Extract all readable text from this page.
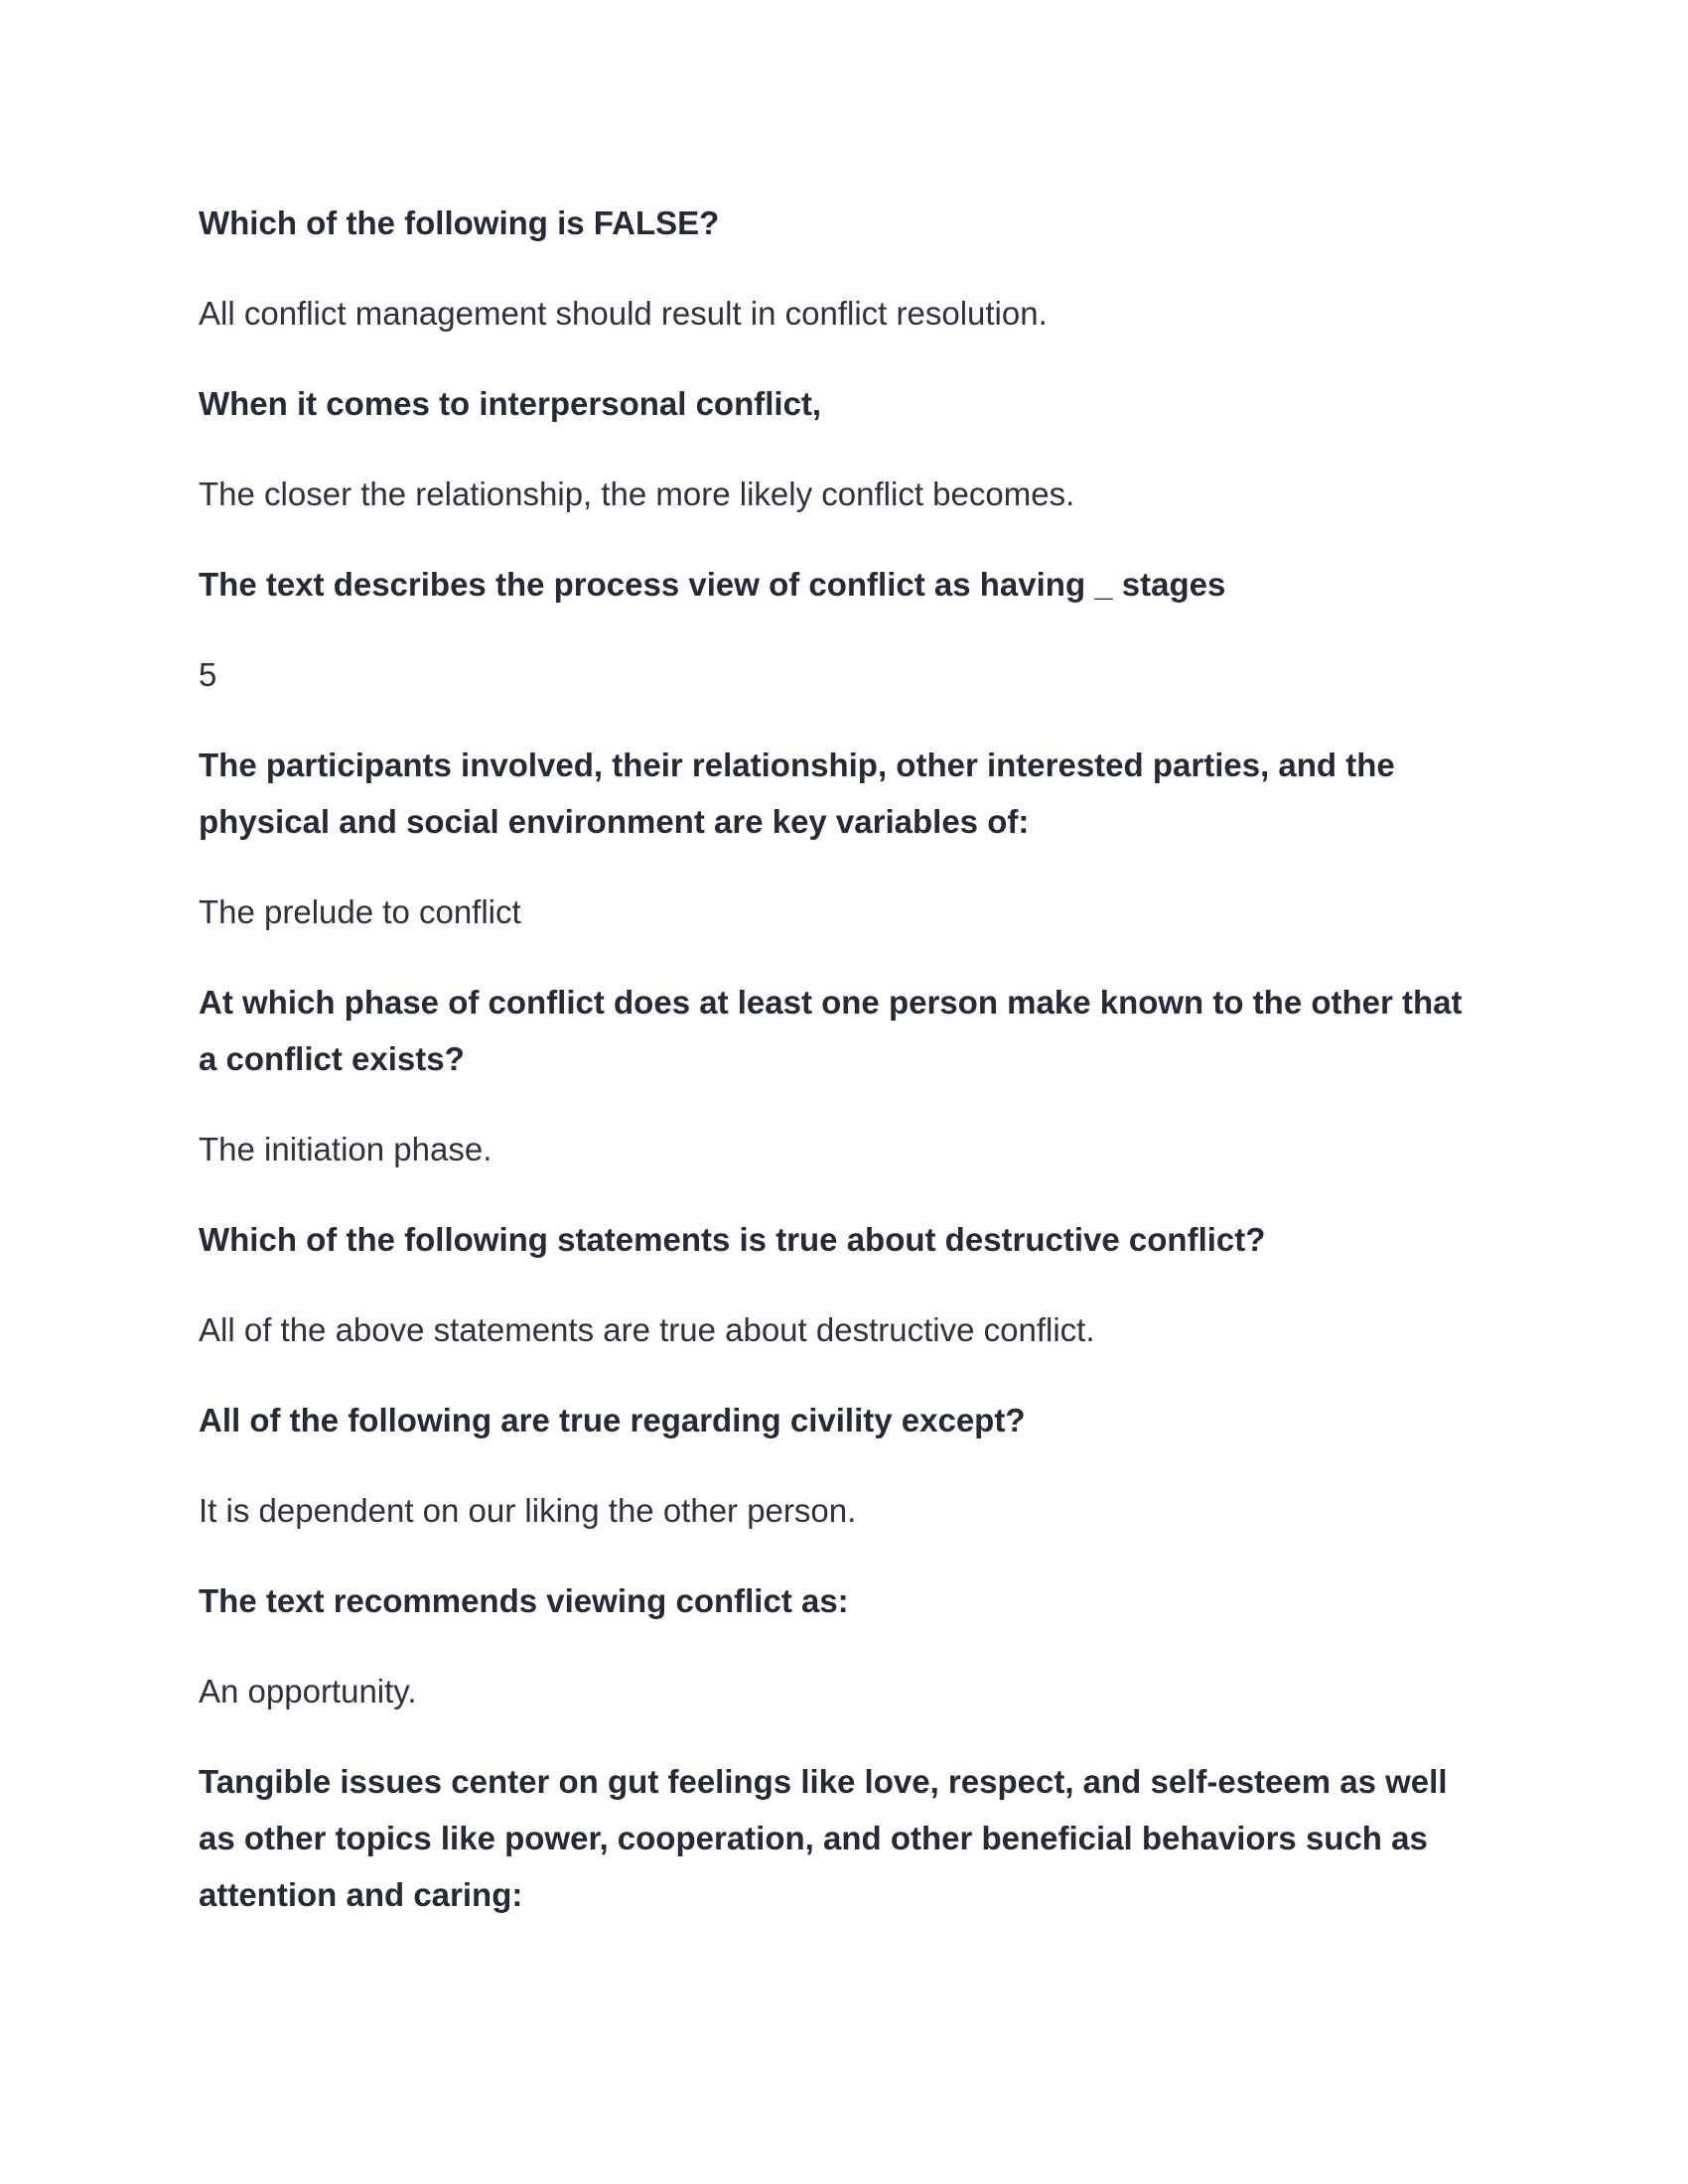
Which of the following is FALSE?

All conflict management should result in conflict resolution.

When it comes to interpersonal conflict,

The closer the relationship, the more likely conflict becomes.

The text describes the process view of conflict as having _ stages

5

The participants involved, their relationship, other interested parties, and the physical and social environment are key variables of:

The prelude to conflict

At which phase of conflict does at least one person make known to the other that a conflict exists?

The initiation phase.

Which of the following statements is true about destructive conflict?

All of the above statements are true about destructive conflict.

All of the following are true regarding civility except?

It is dependent on our liking the other person.

The text recommends viewing conflict as:

An opportunity.

Tangible issues center on gut feelings like love, respect, and self-esteem as well as other topics like power, cooperation, and other beneficial behaviors such as attention and caring:
